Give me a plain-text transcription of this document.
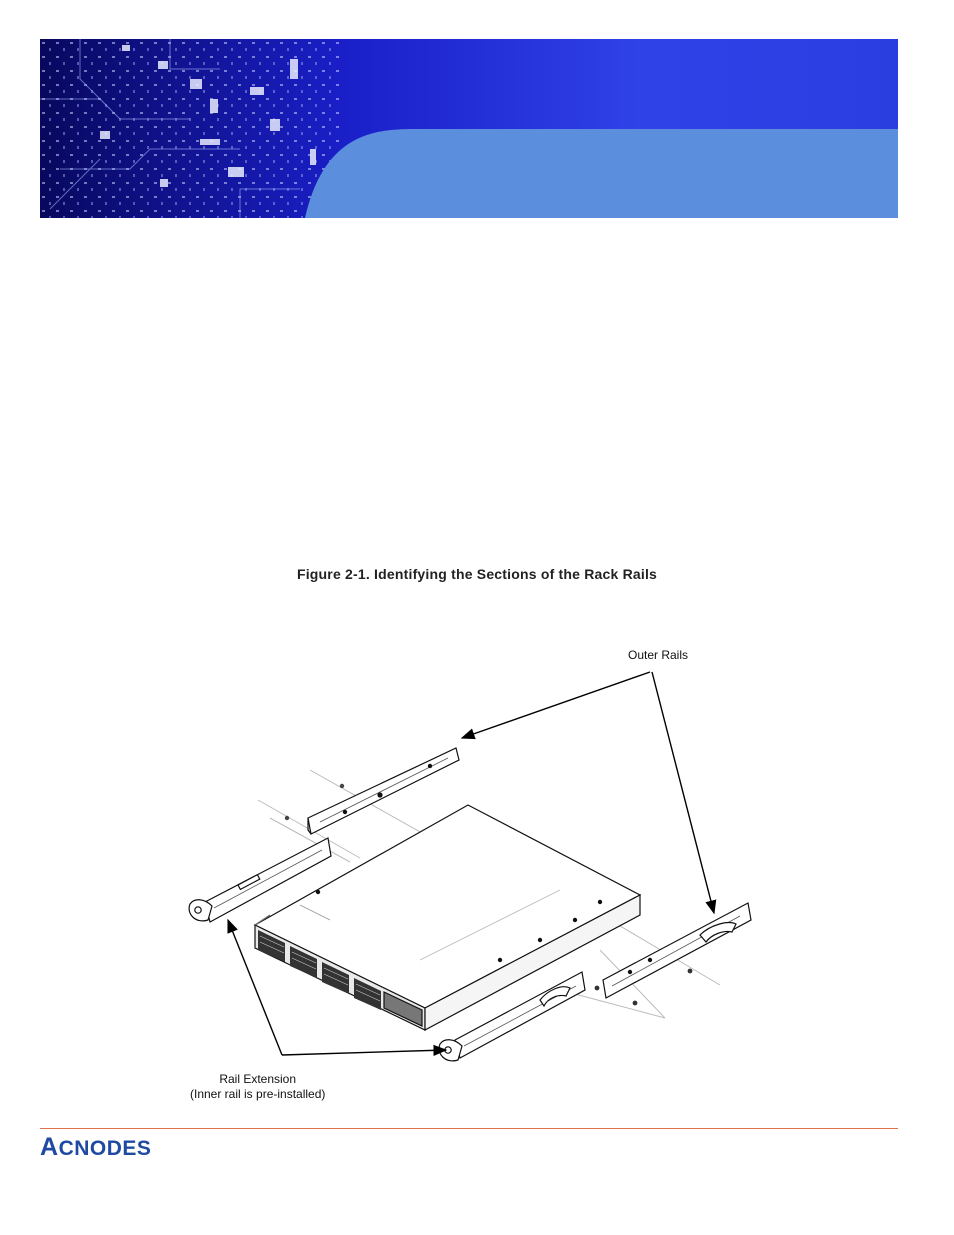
Figure 2-1. Identifying the Sections of the Rack Rails
Outer Rails
Rail Extension
(Inner rail is pre-installed)
ACNODES
